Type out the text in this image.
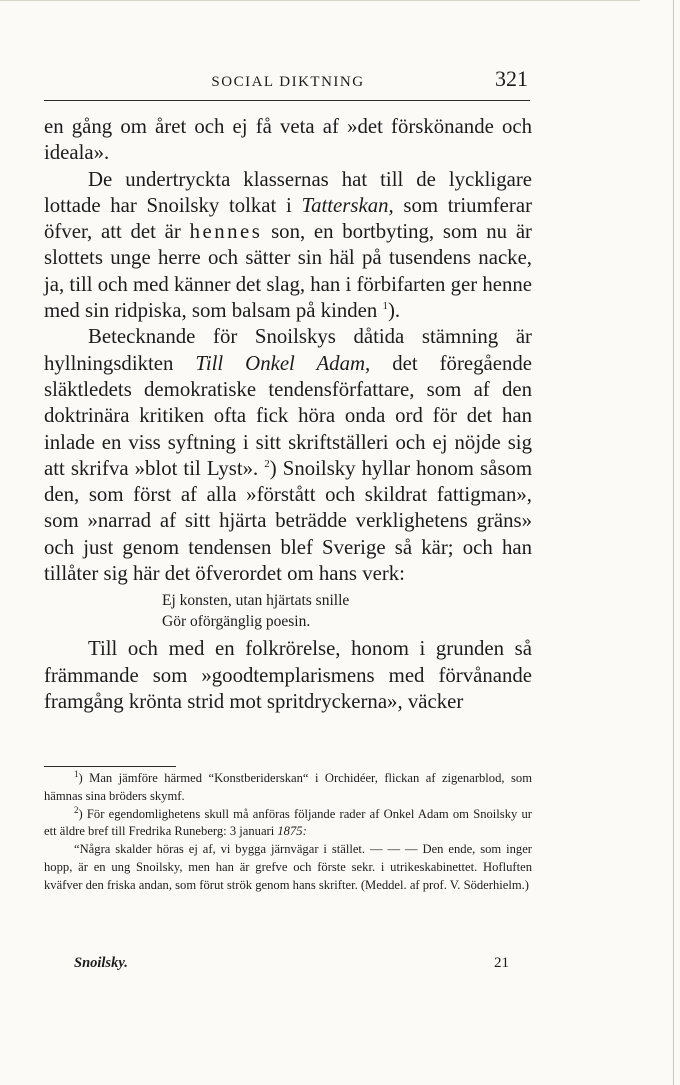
SOCIAL DIKTNING	321

en gång om året och ej få veta af »det förskönande och ideala».

De undertryckta klassernas hat till de lyckligare lottade har Snoilsky tolkat i Tatterskan, som triumferar öfver, att det är hennes son, en bortbyting, som nu är slottets unge herre och sätter sin häl på tusendens nacke, ja, till och med känner det slag, han i förbifarten ger henne med sin ridpiska, som balsam på kinden $^1$).

Betecknande för Snoilskys dåtida stämning är hyllningsdikten Till Onkel Adam, det föregående släktledets demokratiske tendensförfattare, som af den doktrinära kritiken ofta fick höra onda ord för det han inlade en viss syftning i sitt skriftställeri och ej nöjde sig att skrifva »blot til Lyst». $^2$) Snoilsky hyllar honom såsom den, som först af alla »förstått och skildrat fattigman», som »narrad af sitt hjärta beträdde verklighetens gräns» och just genom tendensen blef Sverige så kär; och han tillåter sig här det öfverordet om hans verk:

Ej konsten, utan hjärtats snille
Gör oförgänglig poesin.

Till och med en folkrörelse, honom i grunden så främmande som »goodtemplarismens med förvånande framgång krönta strid mot spritdryckerna», väcker

$^1$) Man jämföre härmed “Konstberiderskan“ i Orchidéer, flickan af zigenarblod, som hämnas sina bröders skymf.

$^2$) För egendomlighetens skull må anföras följande rader af Onkel Adam om Snoilsky ur ett äldre bref till Fredrika Runeberg: 3 januari 1875:

“Några skalder höras ej af, vi bygga järnvägar i stället. — — — Den ende, som inger hopp, är en ung Snoilsky, men han är grefve och förste sekr. i utrikeskabinettet. Hofluften kväfver den friska andan, som förut strök genom hans skrifter. (Meddel. af prof. V. Söderhielm.)

Snoilsky.	21
